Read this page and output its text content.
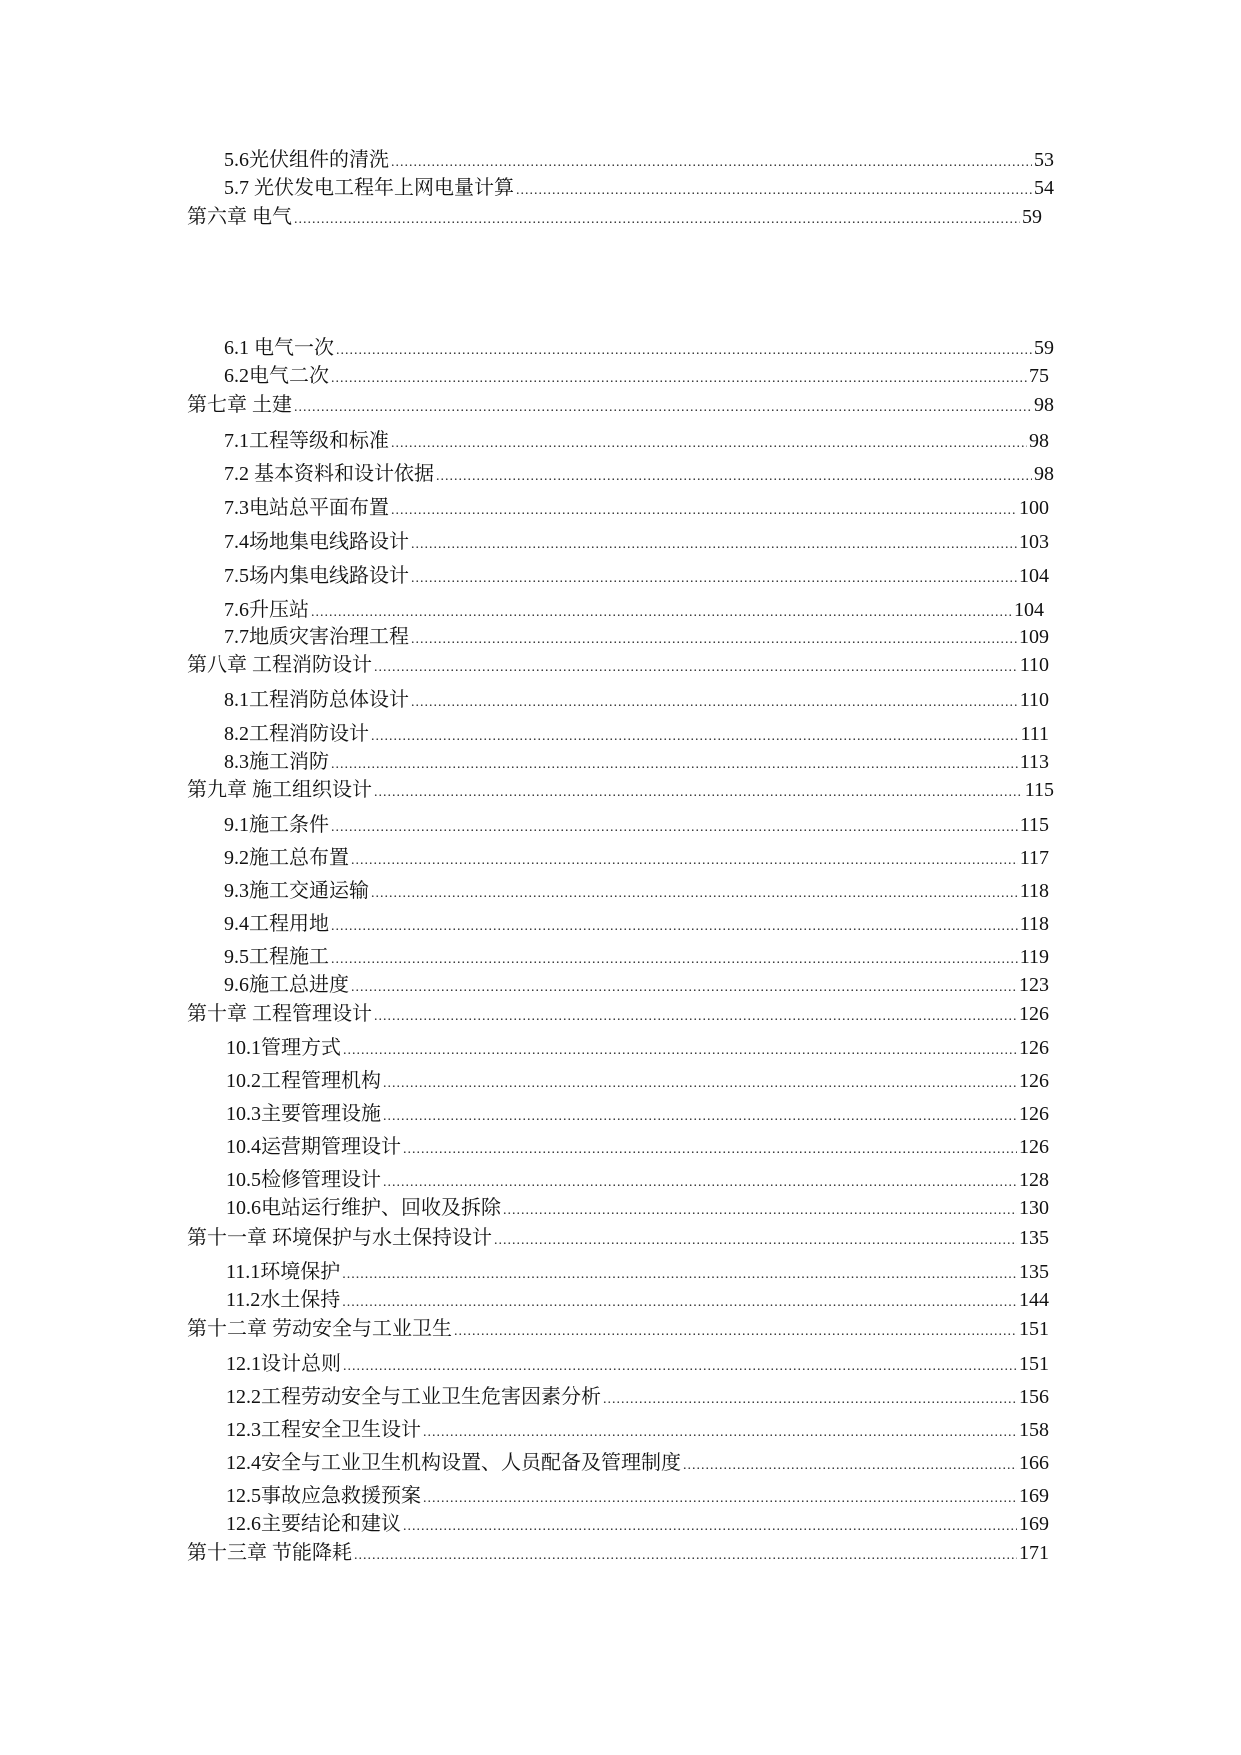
5.6光伏组件的清洗 .....	53
5.7 光伏发电工程年上网电量计算 .....	54
第六章 电气 .....	59
6.1 电气一次 .....	59
6.2电气二次 .....	75
第七章 土建 .....	98
7.1工程等级和标准 .....	98
7.2 基本资料和设计依据 .....	98
7.3电站总平面布置 .....	100
7.4场地集电线路设计 .....	103
7.5场内集电线路设计 .....	104
7.6升压站 .....	104
7.7地质灾害治理工程 .....	109
第八章 工程消防设计 .....	110
8.1工程消防总体设计 .....	110
8.2工程消防设计 .....	111
8.3施工消防 .....	113
第九章 施工组织设计 .....	115
9.1施工条件 .....	115
9.2施工总布置 .....	117
9.3施工交通运输 .....	118
9.4工程用地 .....	118
9.5工程施工 .....	119
9.6施工总进度 .....	123
第十章 工程管理设计 .....	126
10.1管理方式 .....	126
10.2工程管理机构 .....	126
10.3主要管理设施 .....	126
10.4运营期管理设计 .....	126
10.5检修管理设计 .....	128
10.6电站运行维护、回收及拆除 .....	130
第十一章 环境保护与水土保持设计 .....	135
11.1环境保护 .....	135
11.2水土保持 .....	144
第十二章 劳动安全与工业卫生 .....	151
12.1设计总则 .....	151
12.2工程劳动安全与工业卫生危害因素分析 .....	156
12.3工程安全卫生设计 .....	158
12.4安全与工业卫生机构设置、人员配备及管理制度 .....	166
12.5事故应急救援预案 .....	169
12.6主要结论和建议 .....	169
第十三章 节能降耗 .....	171
